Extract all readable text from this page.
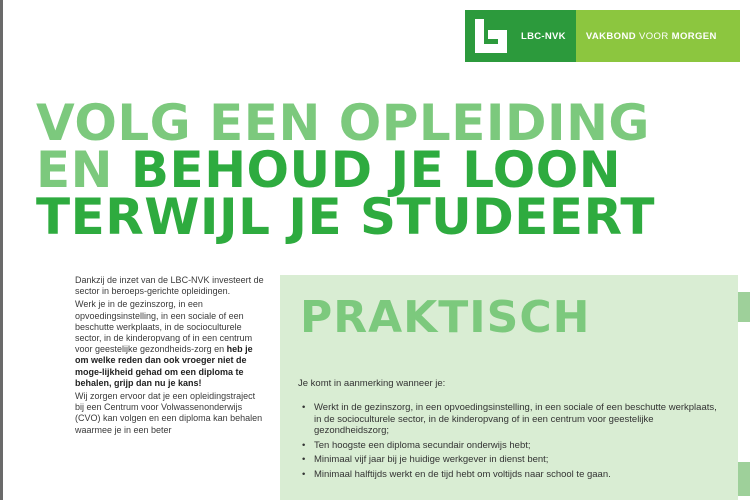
LBC-NVK	VAKBOND VOOR MORGEN
VOLG EEN OPLEIDING
EN BEHOUD JE LOON
TERWIJL JE STUDEERT

Dankzij de inzet van de LBC-NVK investeert de sector in beroeps-gerichte opleidingen.

Werk je in de gezinszorg, in een opvoedingsinstelling, in een sociale of een beschutte werkplaats, in de socioculturele sector, in de kinderopvang of in een centrum voor geestelijke gezondheids-zorg en heb je om welke reden dan ook vroeger niet de moge-lijkheid gehad om een diploma te behalen, grijp dan nu je kans!

Wij zorgen ervoor dat je een opleidingstraject bij een Centrum voor Volwassenonderwijs (CVO) kan volgen en een diploma kan behalen waarmee je in een beter

PRAKTISCH
Je komt in aanmerking wanneer je:
• Werkt in de gezinszorg, in een opvoedingsinstelling, in een sociale of een beschutte werkplaats, in de socioculturele sector, in de kinderopvang of in een centrum voor geestelijke gezondheidszorg;
• Ten hoogste een diploma secundair onderwijs hebt;
• Minimaal vijf jaar bij je huidige werkgever in dienst bent;
• Minimaal halftijds werkt en de tijd hebt om voltijds naar school te gaan.
